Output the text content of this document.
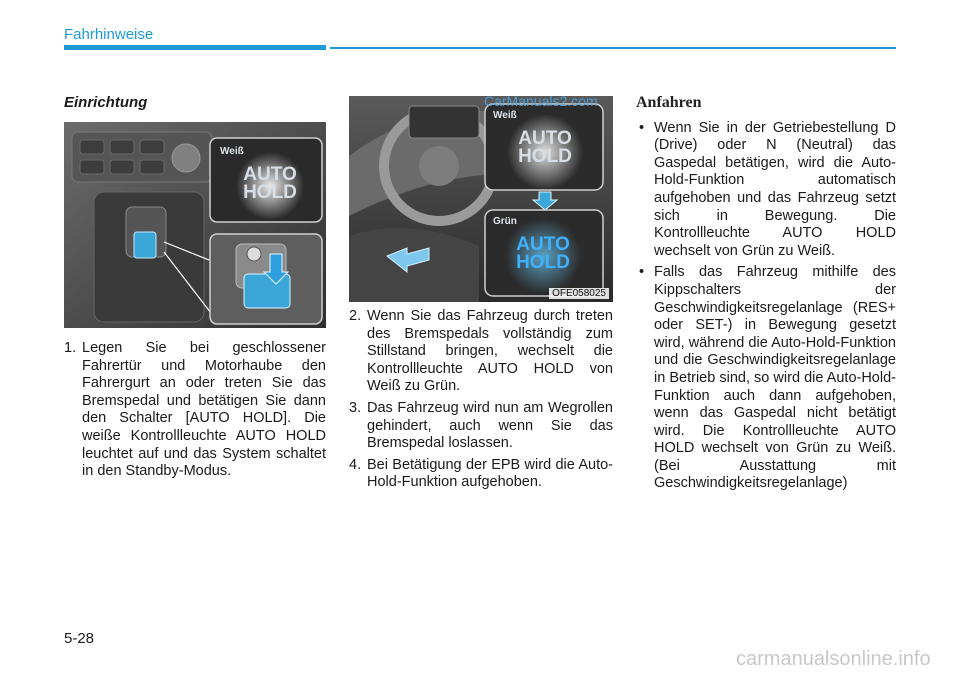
Fahrhinweise
Einrichtung
Weiß
AUTO
HOLD
1. Legen Sie bei geschlossener Fahrertür und Motorhaube den Fahrergurt an oder treten Sie das Bremspedal und betätigen Sie dann den Schalter [AUTO HOLD]. Die weiße Kontrollleuchte AUTO HOLD leuchtet auf und das System schaltet in den Standby-Modus.
Weiß
AUTO
HOLD
Grün
AUTO
HOLD
OFE058025
CarManuals2.com
2. Wenn Sie das Fahrzeug durch treten des Bremspedals vollständig zum Stillstand bringen, wechselt die Kontrollleuchte AUTO HOLD von Weiß zu Grün.
3. Das Fahrzeug wird nun am Wegrollen gehindert, auch wenn Sie das Bremspedal loslassen.
4. Bei Betätigung der EPB wird die Auto-Hold-Funktion aufgehoben.
Anfahren
• Wenn Sie in der Getriebestellung D (Drive) oder N (Neutral) das Gaspedal betätigen, wird die Auto-Hold-Funktion automatisch aufgehoben und das Fahrzeug setzt sich in Bewegung. Die Kontrollleuchte AUTO HOLD wechselt von Grün zu Weiß.
• Falls das Fahrzeug mithilfe des Kippschalters der Geschwindigkeitsregelanlage (RES+ oder SET-) in Bewegung gesetzt wird, während die Auto-Hold-Funktion und die Geschwindigkeitsregelanlage in Betrieb sind, so wird die Auto-Hold-Funktion auch dann aufgehoben, wenn das Gaspedal nicht betätigt wird. Die Kontrollleuchte AUTO HOLD wechselt von Grün zu Weiß. (Bei Ausstattung mit Geschwindigkeitsregelanlage)
5-28
carmanualsonline.info
